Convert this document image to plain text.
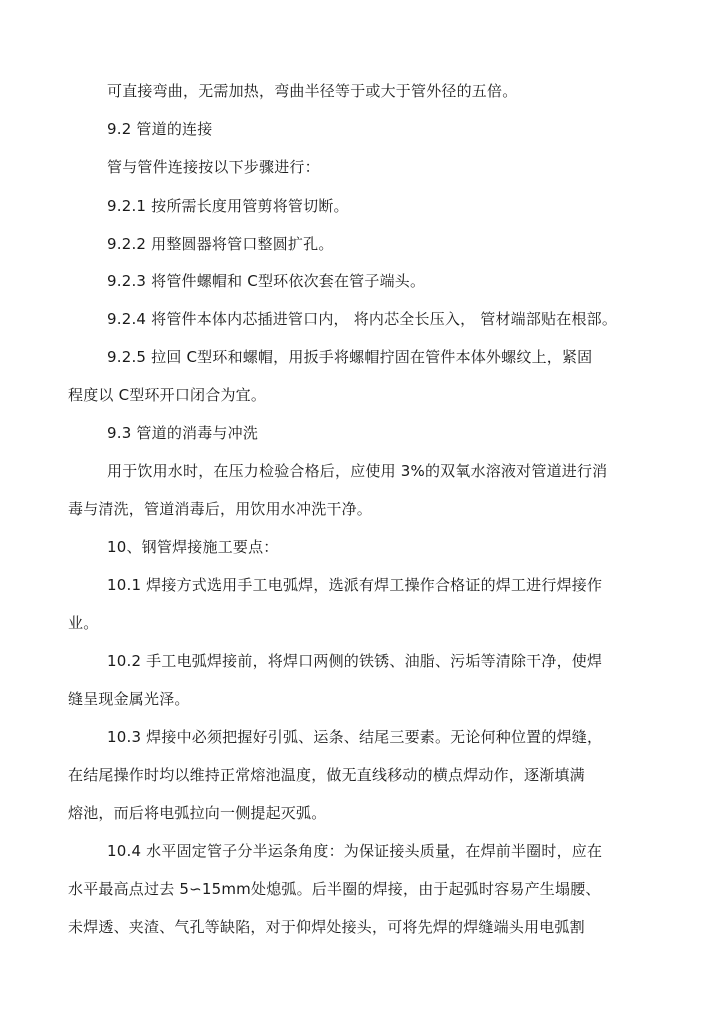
可直接弯曲，无需加热，弯曲半径等于或大于管外径的五倍。
9.2 管道的连接
管与管件连接按以下步骤进行：
9.2.1 按所需长度用管剪将管切断。
9.2.2 用整圆器将管口整圆扩孔。
9.2.3 将管件螺帽和 C型环依次套在管子端头。
9.2.4 将管件本体内芯插进管口内， 将内芯全长压入， 管材端部贴在根部。
9.2.5 拉回 C型环和螺帽，用扳手将螺帽拧固在管件本体外螺纹上，紧固
程度以 C型环开口闭合为宜。
9.3 管道的消毒与冲洗
用于饮用水时，在压力检验合格后，应使用 3%的双氧水溶液对管道进行消
毒与清洗，管道消毒后，用饮用水冲洗干净。
10、钢管焊接施工要点：
10.1 焊接方式选用手工电弧焊，选派有焊工操作合格证的焊工进行焊接作
业。
10.2 手工电弧焊接前，将焊口两侧的铁锈、油脂、污垢等清除干净，使焊
缝呈现金属光泽。
10.3 焊接中必须把握好引弧、运条、结尾三要素。无论何种位置的焊缝，
在结尾操作时均以维持正常熔池温度，做无直线移动的横点焊动作，逐渐填满
熔池，而后将电弧拉向一侧提起灭弧。
10.4 水平固定管子分半运条角度：为保证接头质量，在焊前半圈时，应在
水平最高点过去 5∽15mm处熄弧。后半圈的焊接，由于起弧时容易产生塌腰、
未焊透、夹渣、气孔等缺陷，对于仰焊处接头，可将先焊的焊缝端头用电弧割
